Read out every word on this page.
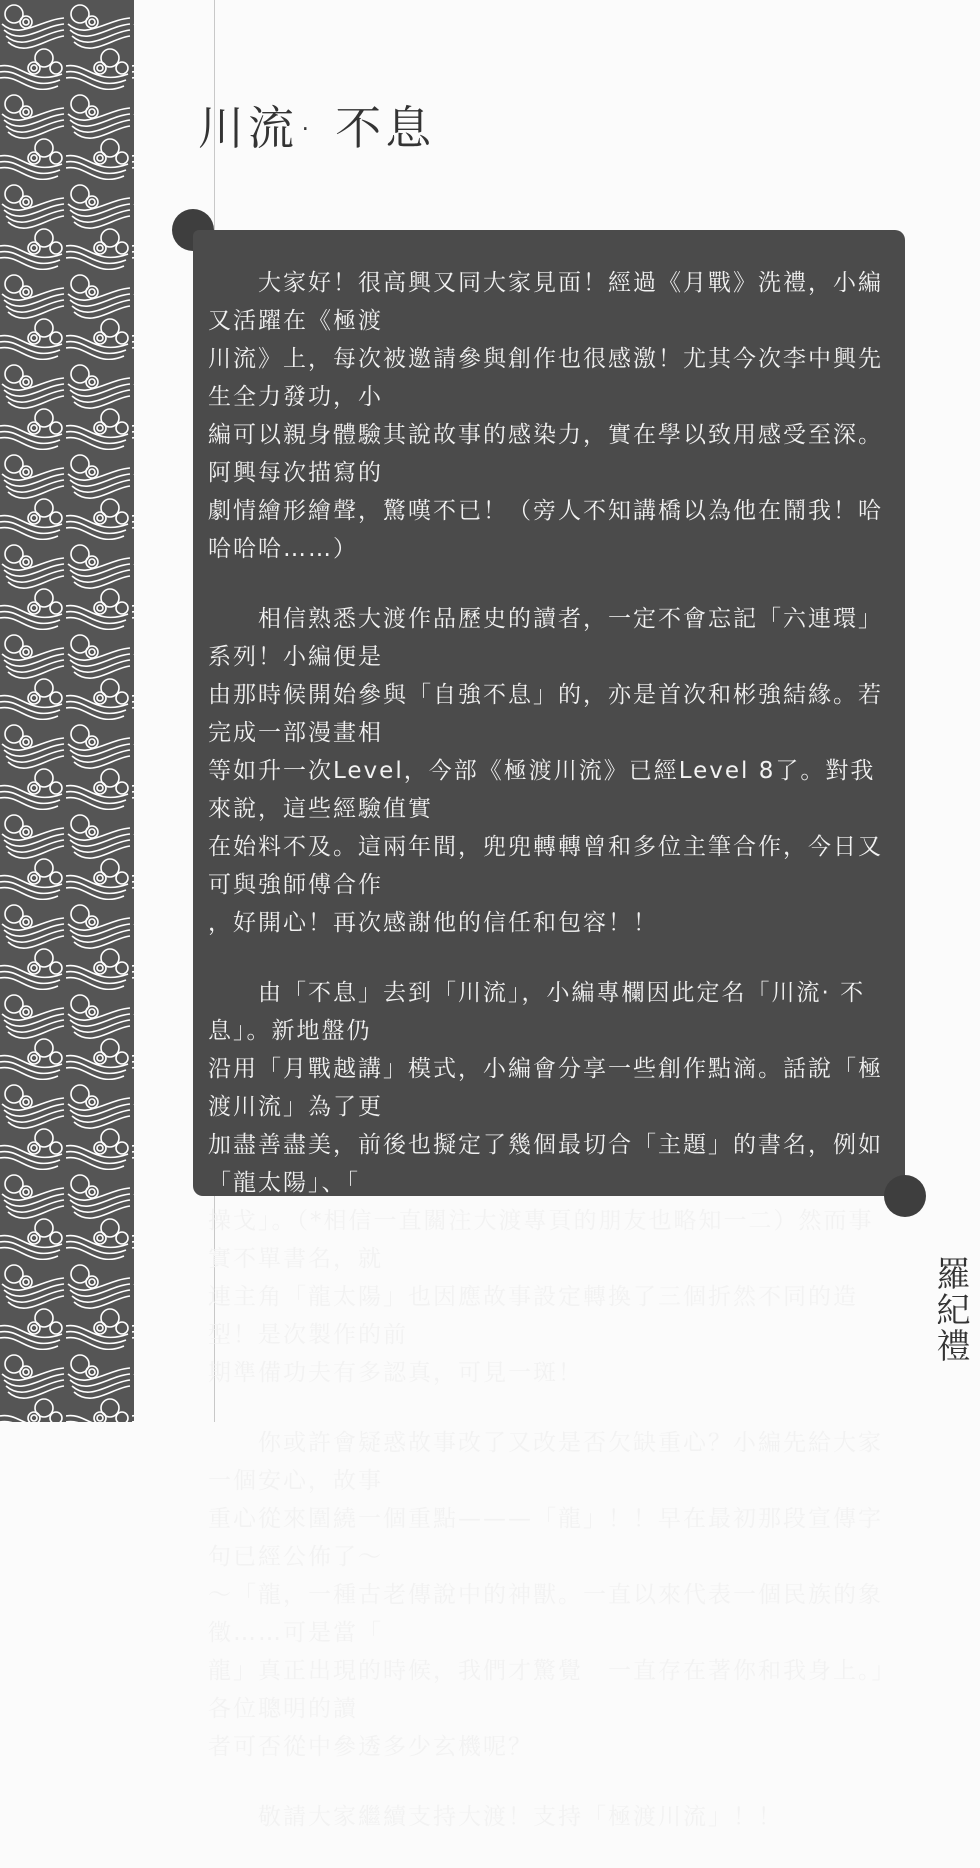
川流· 不息
　　大家好！很高興又同大家見面！經過《月戰》洗禮，小編又活躍在《極渡
川流》上，每次被邀請參與創作也很感激！尤其今次李中興先生全力發功，小
編可以親身體驗其說故事的感染力，實在學以致用感受至深。阿興每次描寫的
劇情繪形繪聲，驚嘆不已！（旁人不知講橋以為他在鬧我！哈哈哈哈……）
　　相信熟悉大渡作品歷史的讀者，一定不會忘記「六連環」系列！小編便是
由那時候開始參與「自強不息」的，亦是首次和彬強結緣。若完成一部漫畫相
等如升一次Level，今部《極渡川流》已經Level 8了。對我來說，這些經驗值實
在始料不及。這兩年間，兜兜轉轉曾和多位主筆合作，今日又可與強師傅合作
，好開心！再次感謝他的信任和包容！！
　　由「不息」去到「川流」，小編專欄因此定名「川流· 不息」。新地盤仍
沿用「月戰越講」模式，小編會分享一些創作點滴。話說「極渡川流」為了更
加盡善盡美，前後也擬定了幾個最切合「主題」的書名，例如「龍太陽」、「
操戈」。（*相信一直關注大渡專頁的朋友也略知一二）然而事實不單書名，就
連主角「龍太陽」也因應故事設定轉換了三個折然不同的造型！是次製作的前
期準備功夫有多認真，可見一斑！
　　你或許會疑惑故事改了又改是否欠缺重心？小編先給大家一個安心，故事
重心從來圍繞一個重點———「龍」！！早在最初那段宣傳字句已經公佈了～
～「龍，一種古老傳說中的神獸。一直以來代表一個民族的象徵……可是當「
龍」真正出現的時候，我們才驚覺　一直存在著你和我身上。」各位聰明的讀
者可否從中參透多少玄機呢？
　　敬請大家繼續支持大渡！支持「極渡川流」！！
羅紀禮
